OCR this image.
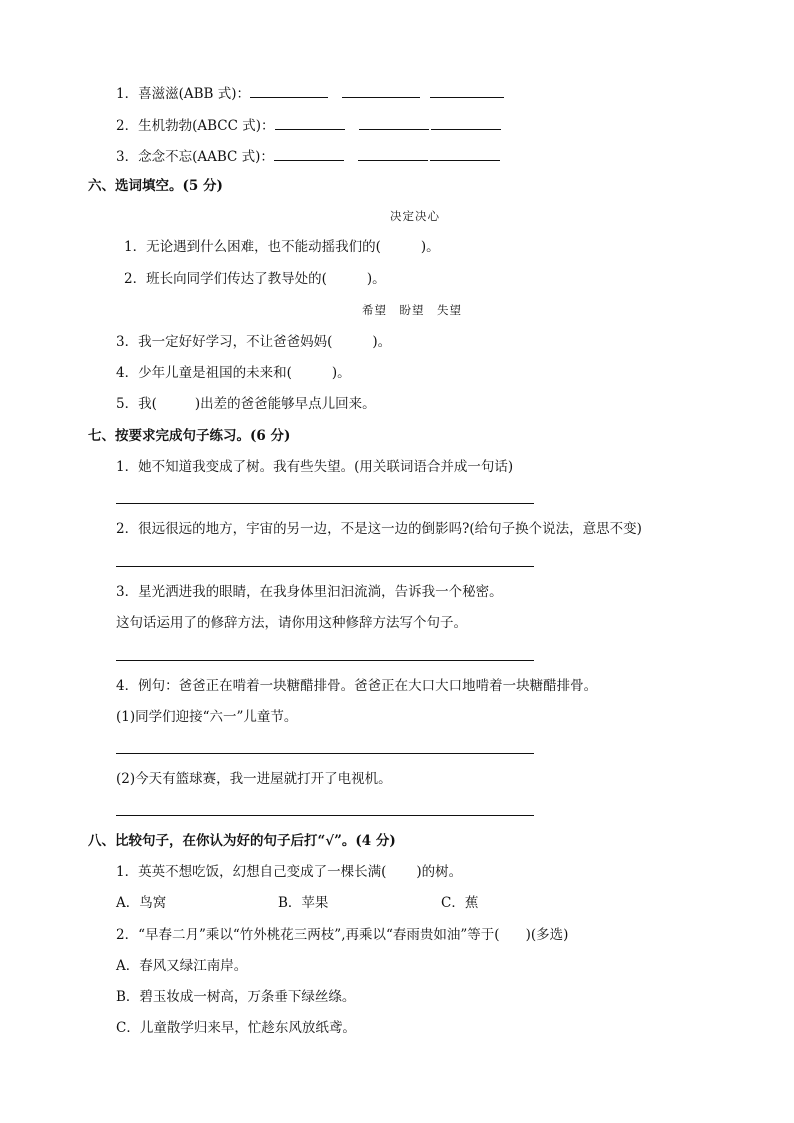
1．喜滋滋(ABB 式)：
2．生机勃勃(ABCC 式)：
3．念念不忘(AABC 式)：
六、选词填空。(5 分)
决定决心
1．无论遇到什么困难，也不能动摇我们的(	)。
2．班长向同学们传达了教导处的(	)。
希望　盼望　失望
3．我一定好好学习，不让爸爸妈妈(	)。
4．少年儿童是祖国的未来和(	)。
5．我(	)出差的爸爸能够早点儿回来。
七、按要求完成句子练习。(6 分)
1．她不知道我变成了树。我有些失望。(用关联词语合并成一句话)
2．很远很远的地方，宇宙的另一边，不是这一边的倒影吗?(给句子换个说法，意思不变)
3．星光洒进我的眼睛，在我身体里汩汩流淌，告诉我一个秘密。
这句话运用了的修辞方法，请你用这种修辞方法写个句子。
4．例句：爸爸正在啃着一块糖醋排骨。爸爸正在大口大口地啃着一块糖醋排骨。
(1)同学们迎接“六一”儿童节。
(2)今天有篮球赛，我一进屋就打开了电视机。
八、比较句子，在你认为好的句子后打“√”。(4 分)
1．英英不想吃饭，幻想自己变成了一棵长满( )的树。
A．鸟窝	B．苹果	C．蕉
2．“早春二月”乘以“竹外桃花三两枝”,再乘以“春雨贵如油”等于( )(多选)
A．春风又绿江南岸。
B．碧玉妆成一树高，万条垂下绿丝绦。
C．儿童散学归来早，忙趁东风放纸鸢。
